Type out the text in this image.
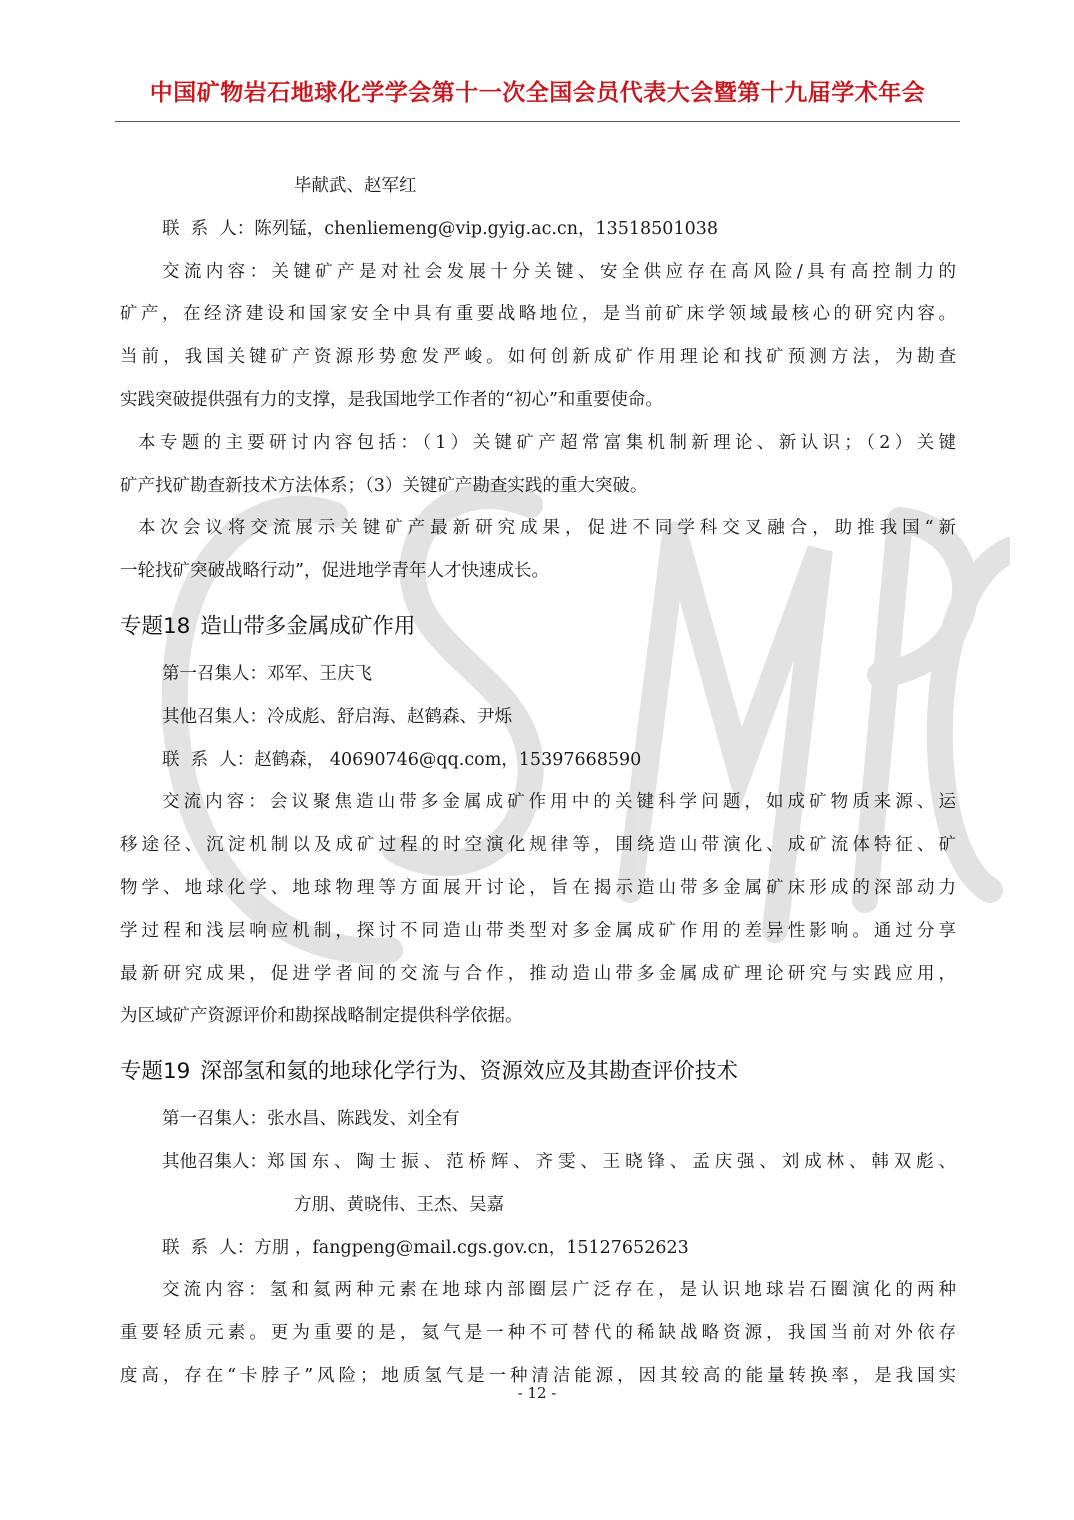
中国矿物岩石地球化学学会第十一次全国会员代表大会暨第十九届学术年会
毕献武、赵军红
联  系  人： 陈列锰，chenliemeng@vip.gyig.ac.cn，13518501038
交流内容：关键矿产是对社会发展十分关键、安全供应存在高风险/具有高控制力的
矿产，在经济建设和国家安全中具有重要战略地位，是当前矿床学领域最核心的研究内容。
当前，我国关键矿产资源形势愈发严峻。如何创新成矿作用理论和找矿预测方法，为勘查
实践突破提供强有力的支撑，是我国地学工作者的“初心”和重要使命。
本专题的主要研讨内容包括：（1）关键矿产超常富集机制新理论、新认识；（2）关键
矿产找矿勘查新技术方法体系；（3）关键矿产勘查实践的重大突破。
本次会议将交流展示关键矿产最新研究成果，促进不同学科交叉融合，助推我国“新
一轮找矿突破战略行动”，促进地学青年人才快速成长。
专题18 造山带多金属成矿作用
第一召集人： 邓军、王庆飞
其他召集人： 冷成彪、舒启海、赵鹤森、尹烁
联  系  人： 赵鹤森， 40690746@qq.com，15397668590
交流内容：会议聚焦造山带多金属成矿作用中的关键科学问题，如成矿物质来源、运
移途径、沉淀机制以及成矿过程的时空演化规律等，围绕造山带演化、成矿流体特征、矿
物学、地球化学、地球物理等方面展开讨论，旨在揭示造山带多金属矿床形成的深部动力
学过程和浅层响应机制，探讨不同造山带类型对多金属成矿作用的差异性影响。通过分享
最新研究成果，促进学者间的交流与合作，推动造山带多金属成矿理论研究与实践应用，
为区域矿产资源评价和勘探战略制定提供科学依据。
专题19 深部氢和氦的地球化学行为、资源效应及其勘查评价技术
第一召集人： 张水昌、陈践发、刘全有
其他召集人： 郑国东、陶士振、范桥辉、齐雯、王晓锋、孟庆强、刘成林、韩双彪、
方朋、黄晓伟、王杰、吴嘉
联  系  人： 方朋 ，fangpeng@mail.cgs.gov.cn，15127652623
交流内容：氢和氦两种元素在地球内部圈层广泛存在，是认识地球岩石圈演化的两种
重要轻质元素。更为重要的是，氦气是一种不可替代的稀缺战略资源，我国当前对外依存
度高，存在“卡脖子”风险；地质氢气是一种清洁能源，因其较高的能量转换率，是我国实
- 12 -
